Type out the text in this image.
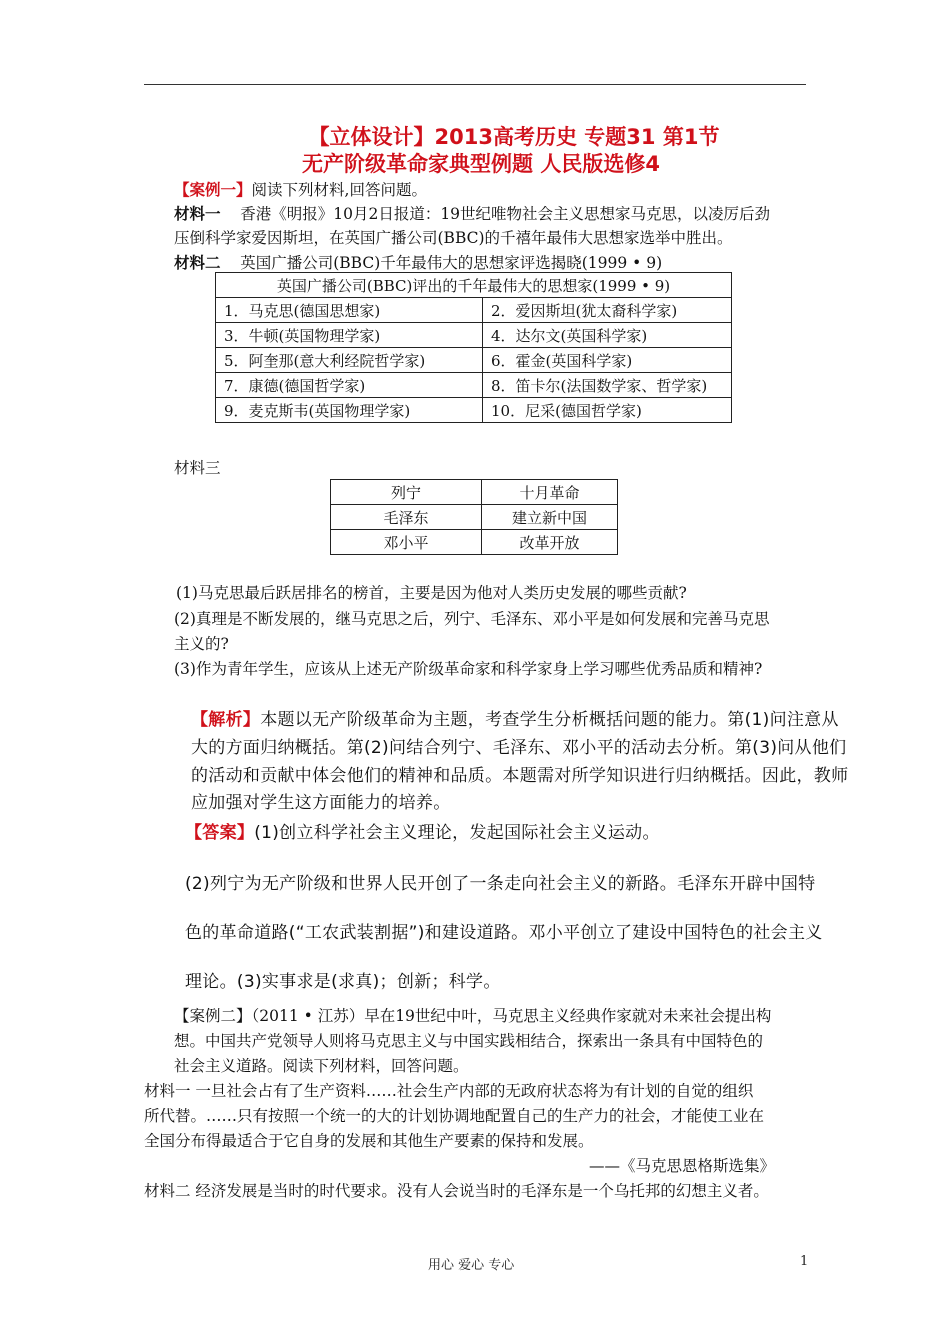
【立体设计】2013高考历史 专题31 第1节
无产阶级革命家典型例题 人民版选修4
【案例一】阅读下列材料,回答问题。
材料一 香港《明报》10月2日报道：19世纪唯物社会主义思想家马克思，以凌厉后劲
压倒科学家爱因斯坦，在英国广播公司(BBC)的千禧年最伟大思想家选举中胜出。
材料二 英国广播公司(BBC)千年最伟大的思想家评选揭晓(1999 • 9)
英国广播公司(BBC)评出的千年最伟大的思想家(1999 • 9)	
1．马克思(德国思想家)	2．爱因斯坦(犹太裔科学家)
3．牛顿(英国物理学家)	4．达尔文(英国科学家)
5．阿奎那(意大利经院哲学家)	6．霍金(英国科学家)
7．康德(德国哲学家)	8．笛卡尔(法国数学家、哲学家)
9．麦克斯韦(英国物理学家)	10．尼采(德国哲学家)
材料三
列宁	十月革命
毛泽东	建立新中国
邓小平	改革开放
(1)马克思最后跃居排名的榜首，主要是因为他对人类历史发展的哪些贡献?
(2)真理是不断发展的，继马克思之后，列宁、毛泽东、邓小平是如何发展和完善马克思
主义的?
(3)作为青年学生，应该从上述无产阶级革命家和科学家身上学习哪些优秀品质和精神?
【解析】本题以无产阶级革命为主题，考查学生分析概括问题的能力。第(1)问注意从
大的方面归纳概括。第(2)问结合列宁、毛泽东、邓小平的活动去分析。第(3)问从他们
的活动和贡献中体会他们的精神和品质。本题需对所学知识进行归纳概括。因此，教师
应加强对学生这方面能力的培养。
【答案】(1)创立科学社会主义理论，发起国际社会主义运动。
(2)列宁为无产阶级和世界人民开创了一条走向社会主义的新路。毛泽东开辟中国特
色的革命道路(“工农武装割据”)和建设道路。邓小平创立了建设中国特色的社会主义
理论。(3)实事求是(求真)；创新；科学。
【案例二】（2011 • 江苏）早在19世纪中叶，马克思主义经典作家就对未来社会提出构
想。中国共产党领导人则将马克思主义与中国实践相结合，探索出一条具有中国特色的
社会主义道路。阅读下列材料，回答问题。
材料一 一旦社会占有了生产资料……社会生产内部的无政府状态将为有计划的自觉的组织
所代替。……只有按照一个统一的大的计划协调地配置自己的生产力的社会，才能使工业在
全国分布得最适合于它自身的发展和其他生产要素的保持和发展。
——《马克思恩格斯选集》
材料二 经济发展是当时的时代要求。没有人会说当时的毛泽东是一个乌托邦的幻想主义者。
用心 爱心 专心	1
